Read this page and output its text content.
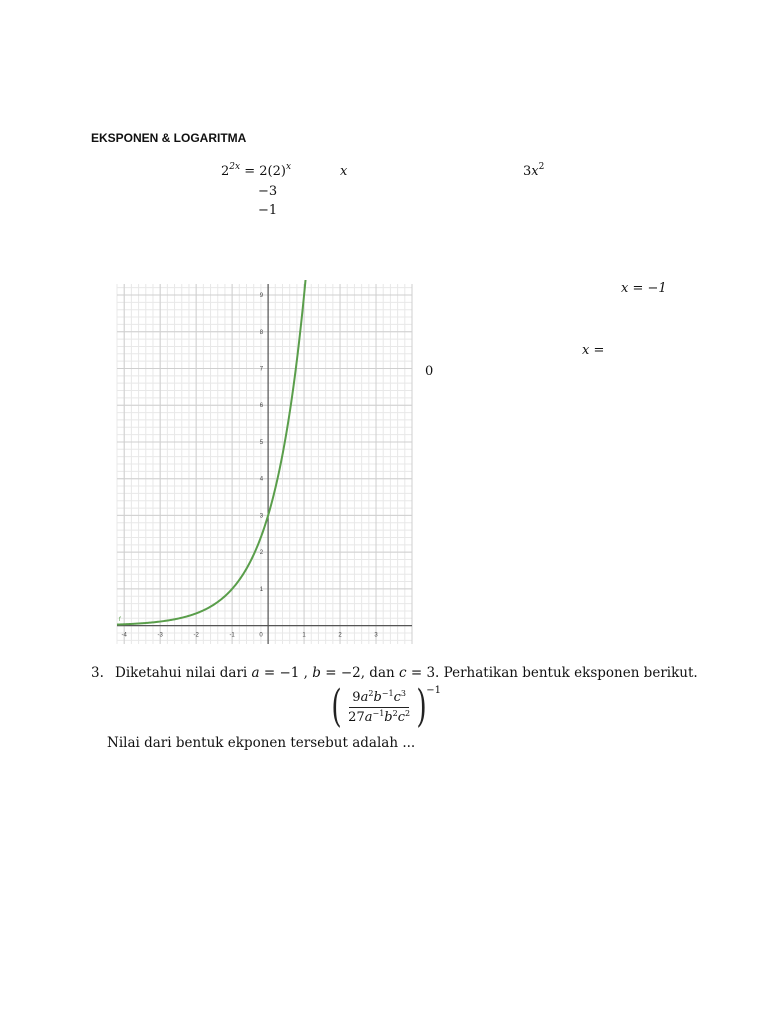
EKSPONEN & LOGARITMA
$2^{2x} = 2(2)^x$	x	$3x^2$
−3
−1
x = −1
x =
0
-4	-3	-2	-1	0	1	2	3
1
2
3
4
5
6
7
8
9
f
3. Diketahui nilai dari a = −1 , b = −2, dan c = 3. Perhatikan bentuk eksponen berikut.
( $\frac{9a^2b^{-1}c^3}{27a^{-1}b^2c^2}$ ) −1
Nilai dari bentuk ekponen tersebut adalah ...
